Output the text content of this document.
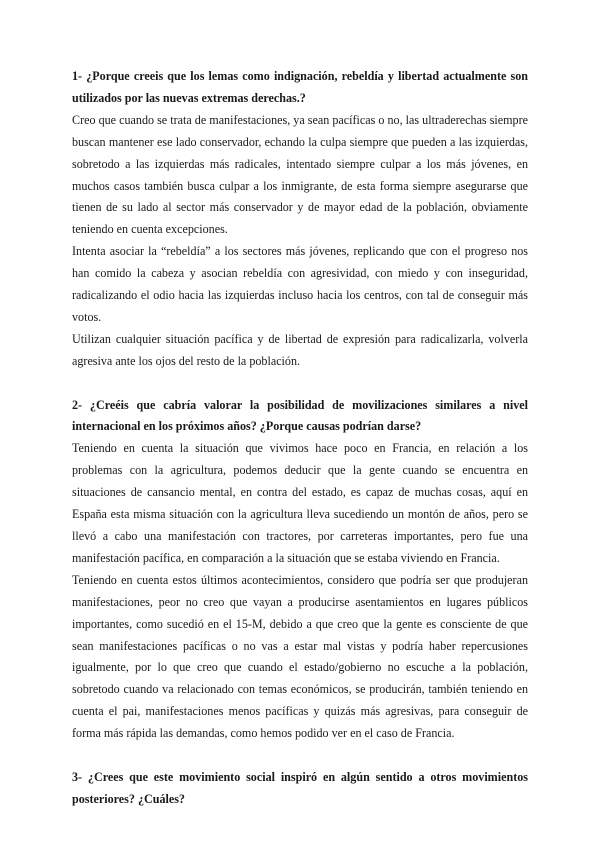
1- ¿Porque creeis que los lemas como indignación, rebeldía y libertad actualmente son utilizados por las nuevas extremas derechas.?

Creo que cuando se trata de manifestaciones, ya sean pacíficas o no, las ultraderechas siempre buscan mantener ese lado conservador, echando la culpa siempre que pueden a las izquierdas, sobretodo a las izquierdas más radicales, intentado siempre culpar a los más jóvenes, en muchos casos también busca culpar a los inmigrante, de esta forma siempre asegurarse que tienen de su lado al sector más conservador y de mayor edad de la población, obviamente teniendo en cuenta excepciones.

Intenta asociar la “rebeldía” a los sectores más jóvenes, replicando que con el progreso nos han comido la cabeza y asocian rebeldía con agresividad, con miedo y con inseguridad, radicalizando el odio hacia las izquierdas incluso hacia los centros, con tal de conseguir más votos.

Utilizan cualquier situación pacífica y de libertad de expresión para radicalizarla, volverla agresiva ante los ojos del resto de la población.

2- ¿Creéis que cabría valorar la posibilidad de movilizaciones similares a nivel internacional en los próximos años? ¿Porque causas podrían darse?

Teniendo en cuenta la situación que vivimos hace poco en Francia, en relación a los problemas con la agricultura, podemos deducir que la gente cuando se encuentra en situaciones de cansancio mental, en contra del estado, es capaz de muchas cosas, aquí en España esta misma situación con la agricultura lleva sucediendo un montón de años, pero se llevó a cabo una manifestación con tractores, por carreteras importantes, pero fue una manifestación pacífica, en comparación a la situación que se estaba viviendo en Francia.

Teniendo en cuenta estos últimos acontecimientos, considero que podría ser que produjeran manifestaciones, peor no creo que vayan a producirse asentamientos en lugares públicos importantes, como sucedió en el 15-M, debido a que creo que la gente es consciente de que sean manifestaciones pacíficas o no vas a estar mal vistas y podría haber repercusiones igualmente, por lo que creo que cuando el estado/gobierno no escuche a la población, sobretodo cuando va relacionado con temas económicos, se producirán, también teniendo en cuenta el pai, manifestaciones menos pacíficas y quizás más agresivas, para conseguir de forma más rápida las demandas, como hemos podido ver en el caso de Francia.

3- ¿Crees que este movimiento social inspiró en algún sentido a otros movimientos posteriores? ¿Cuáles?
